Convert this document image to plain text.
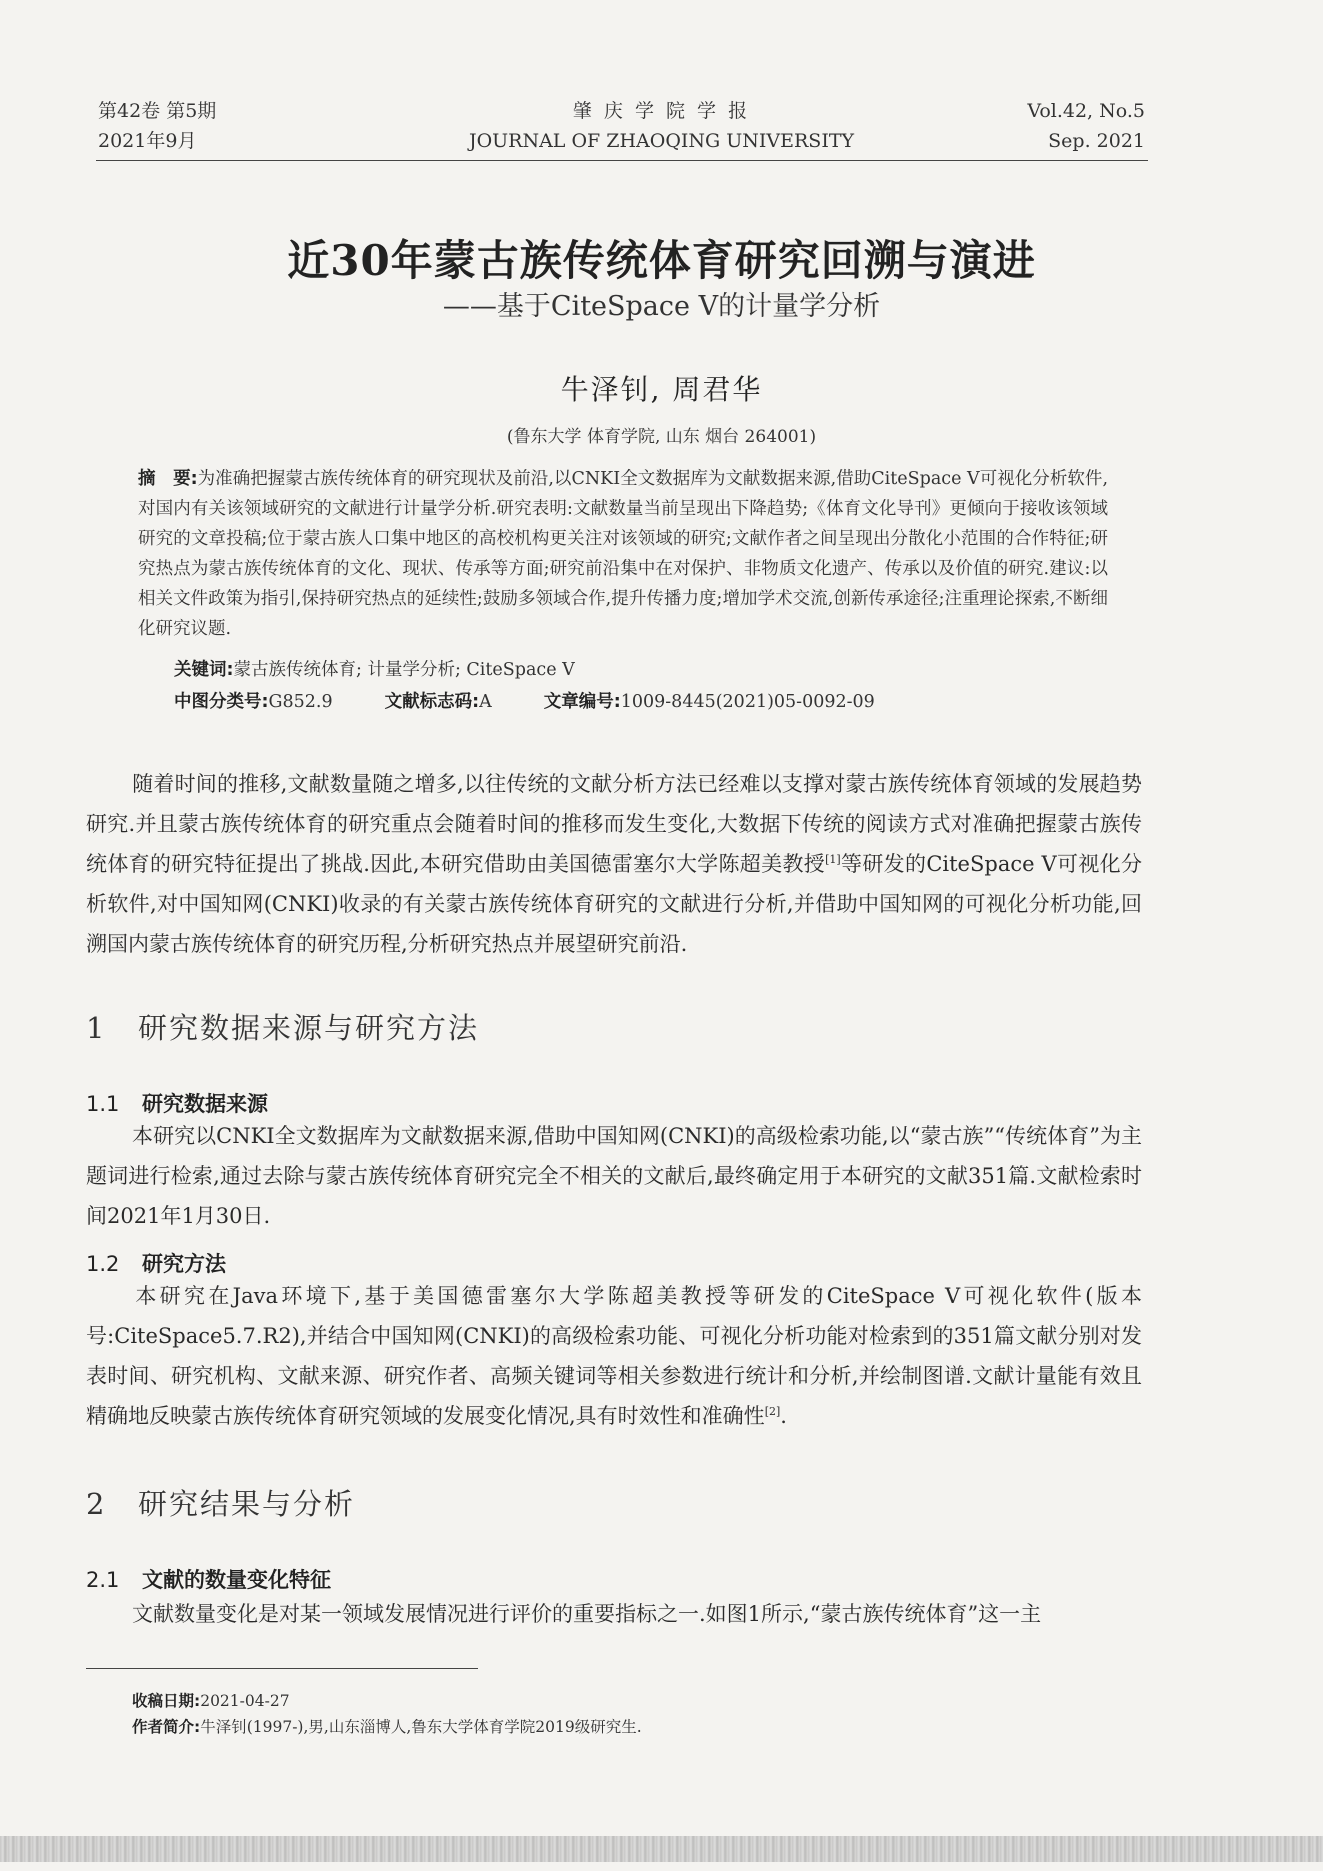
第42卷 第5期
2021年9月
肇 庆 学 院 学 报
JOURNAL OF ZHAOQING UNIVERSITY
Vol.42, No.5
Sep. 2021
近30年蒙古族传统体育研究回溯与演进
——基于CiteSpace V的计量学分析
牛泽钊, 周君华
(鲁东大学 体育学院, 山东 烟台 264001)
摘　要:为准确把握蒙古族传统体育的研究现状及前沿,以CNKI全文数据库为文献数据来源,借助CiteSpace V可视化分析软件,对国内有关该领域研究的文献进行计量学分析.研究表明:文献数量当前呈现出下降趋势;《体育文化导刊》更倾向于接收该领域研究的文章投稿;位于蒙古族人口集中地区的高校机构更关注对该领域的研究;文献作者之间呈现出分散化小范围的合作特征;研究热点为蒙古族传统体育的文化、现状、传承等方面;研究前沿集中在对保护、非物质文化遗产、传承以及价值的研究.建议:以相关文件政策为指引,保持研究热点的延续性;鼓励多领域合作,提升传播力度;增加学术交流,创新传承途径;注重理论探索,不断细化研究议题.
关键词:蒙古族传统体育; 计量学分析; CiteSpace V
中图分类号:G852.9	文献标志码:A	文章编号:1009-8445(2021)05-0092-09
随着时间的推移,文献数量随之增多,以往传统的文献分析方法已经难以支撑对蒙古族传统体育领域的发展趋势研究.并且蒙古族传统体育的研究重点会随着时间的推移而发生变化,大数据下传统的阅读方式对准确把握蒙古族传统体育的研究特征提出了挑战.因此,本研究借助由美国德雷塞尔大学陈超美教授[1]等研发的CiteSpace V可视化分析软件,对中国知网(CNKI)收录的有关蒙古族传统体育研究的文献进行分析,并借助中国知网的可视化分析功能,回溯国内蒙古族传统体育的研究历程,分析研究热点并展望研究前沿.
1 研究数据来源与研究方法
1.1 研究数据来源
本研究以CNKI全文数据库为文献数据来源,借助中国知网(CNKI)的高级检索功能,以“蒙古族”“传统体育”为主题词进行检索,通过去除与蒙古族传统体育研究完全不相关的文献后,最终确定用于本研究的文献351篇.文献检索时间2021年1月30日.
1.2 研究方法
本研究在Java环境下,基于美国德雷塞尔大学陈超美教授等研发的CiteSpace V可视化软件(版本号:CiteSpace5.7.R2),并结合中国知网(CNKI)的高级检索功能、可视化分析功能对检索到的351篇文献分别对发表时间、研究机构、文献来源、研究作者、高频关键词等相关参数进行统计和分析,并绘制图谱.文献计量能有效且精确地反映蒙古族传统体育研究领域的发展变化情况,具有时效性和准确性[2].
2 研究结果与分析
2.1 文献的数量变化特征
文献数量变化是对某一领域发展情况进行评价的重要指标之一.如图1所示,“蒙古族传统体育”这一主
收稿日期:2021-04-27
作者简介:牛泽钊(1997-),男,山东淄博人,鲁东大学体育学院2019级研究生.
